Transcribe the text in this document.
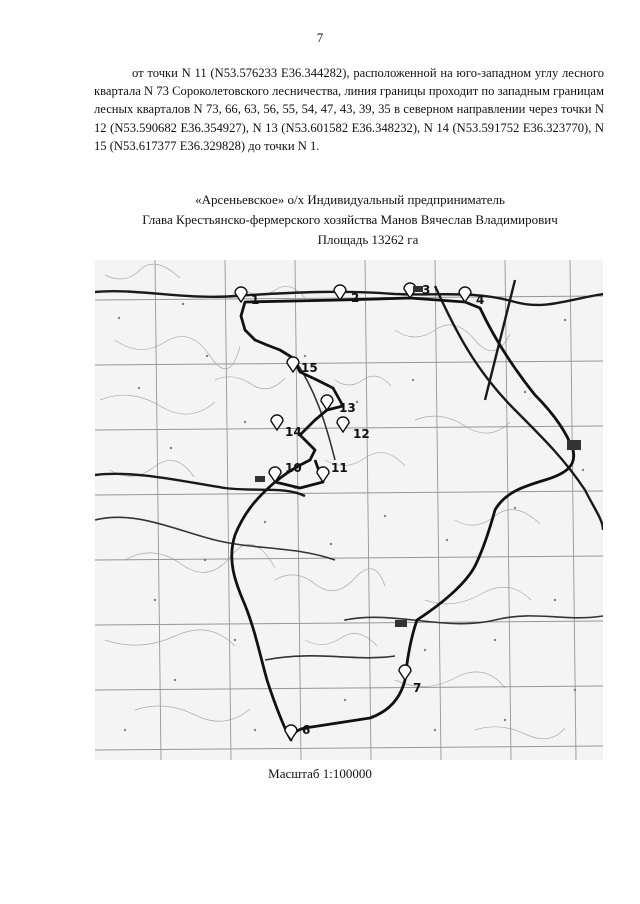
7

от точки N 11 (N53.576233 E36.344282), расположенной на юго-западном углу лесного квартала N 73 Сороколетовского лесничества, линия границы проходит по западным границам лесных кварталов N 73, 66, 63, 56, 55, 54, 47, 43, 39, 35 в северном направлении через точки N 12 (N53.590682 E36.354927), N 13 (N53.601582 E36.348232), N 14 (N53.591752 E36.323770), N 15 (N53.617377 E36.329828) до точки N 1.

«Арсеньевское» о/х Индивидуальный предприниматель
Глава Крестьянско-фермерского хозяйства Манов Вячеслав Владимирович
Площадь 13262 га
1	2
3
4
6
7
10 11
12
13
14
15
Масштаб 1:100000
